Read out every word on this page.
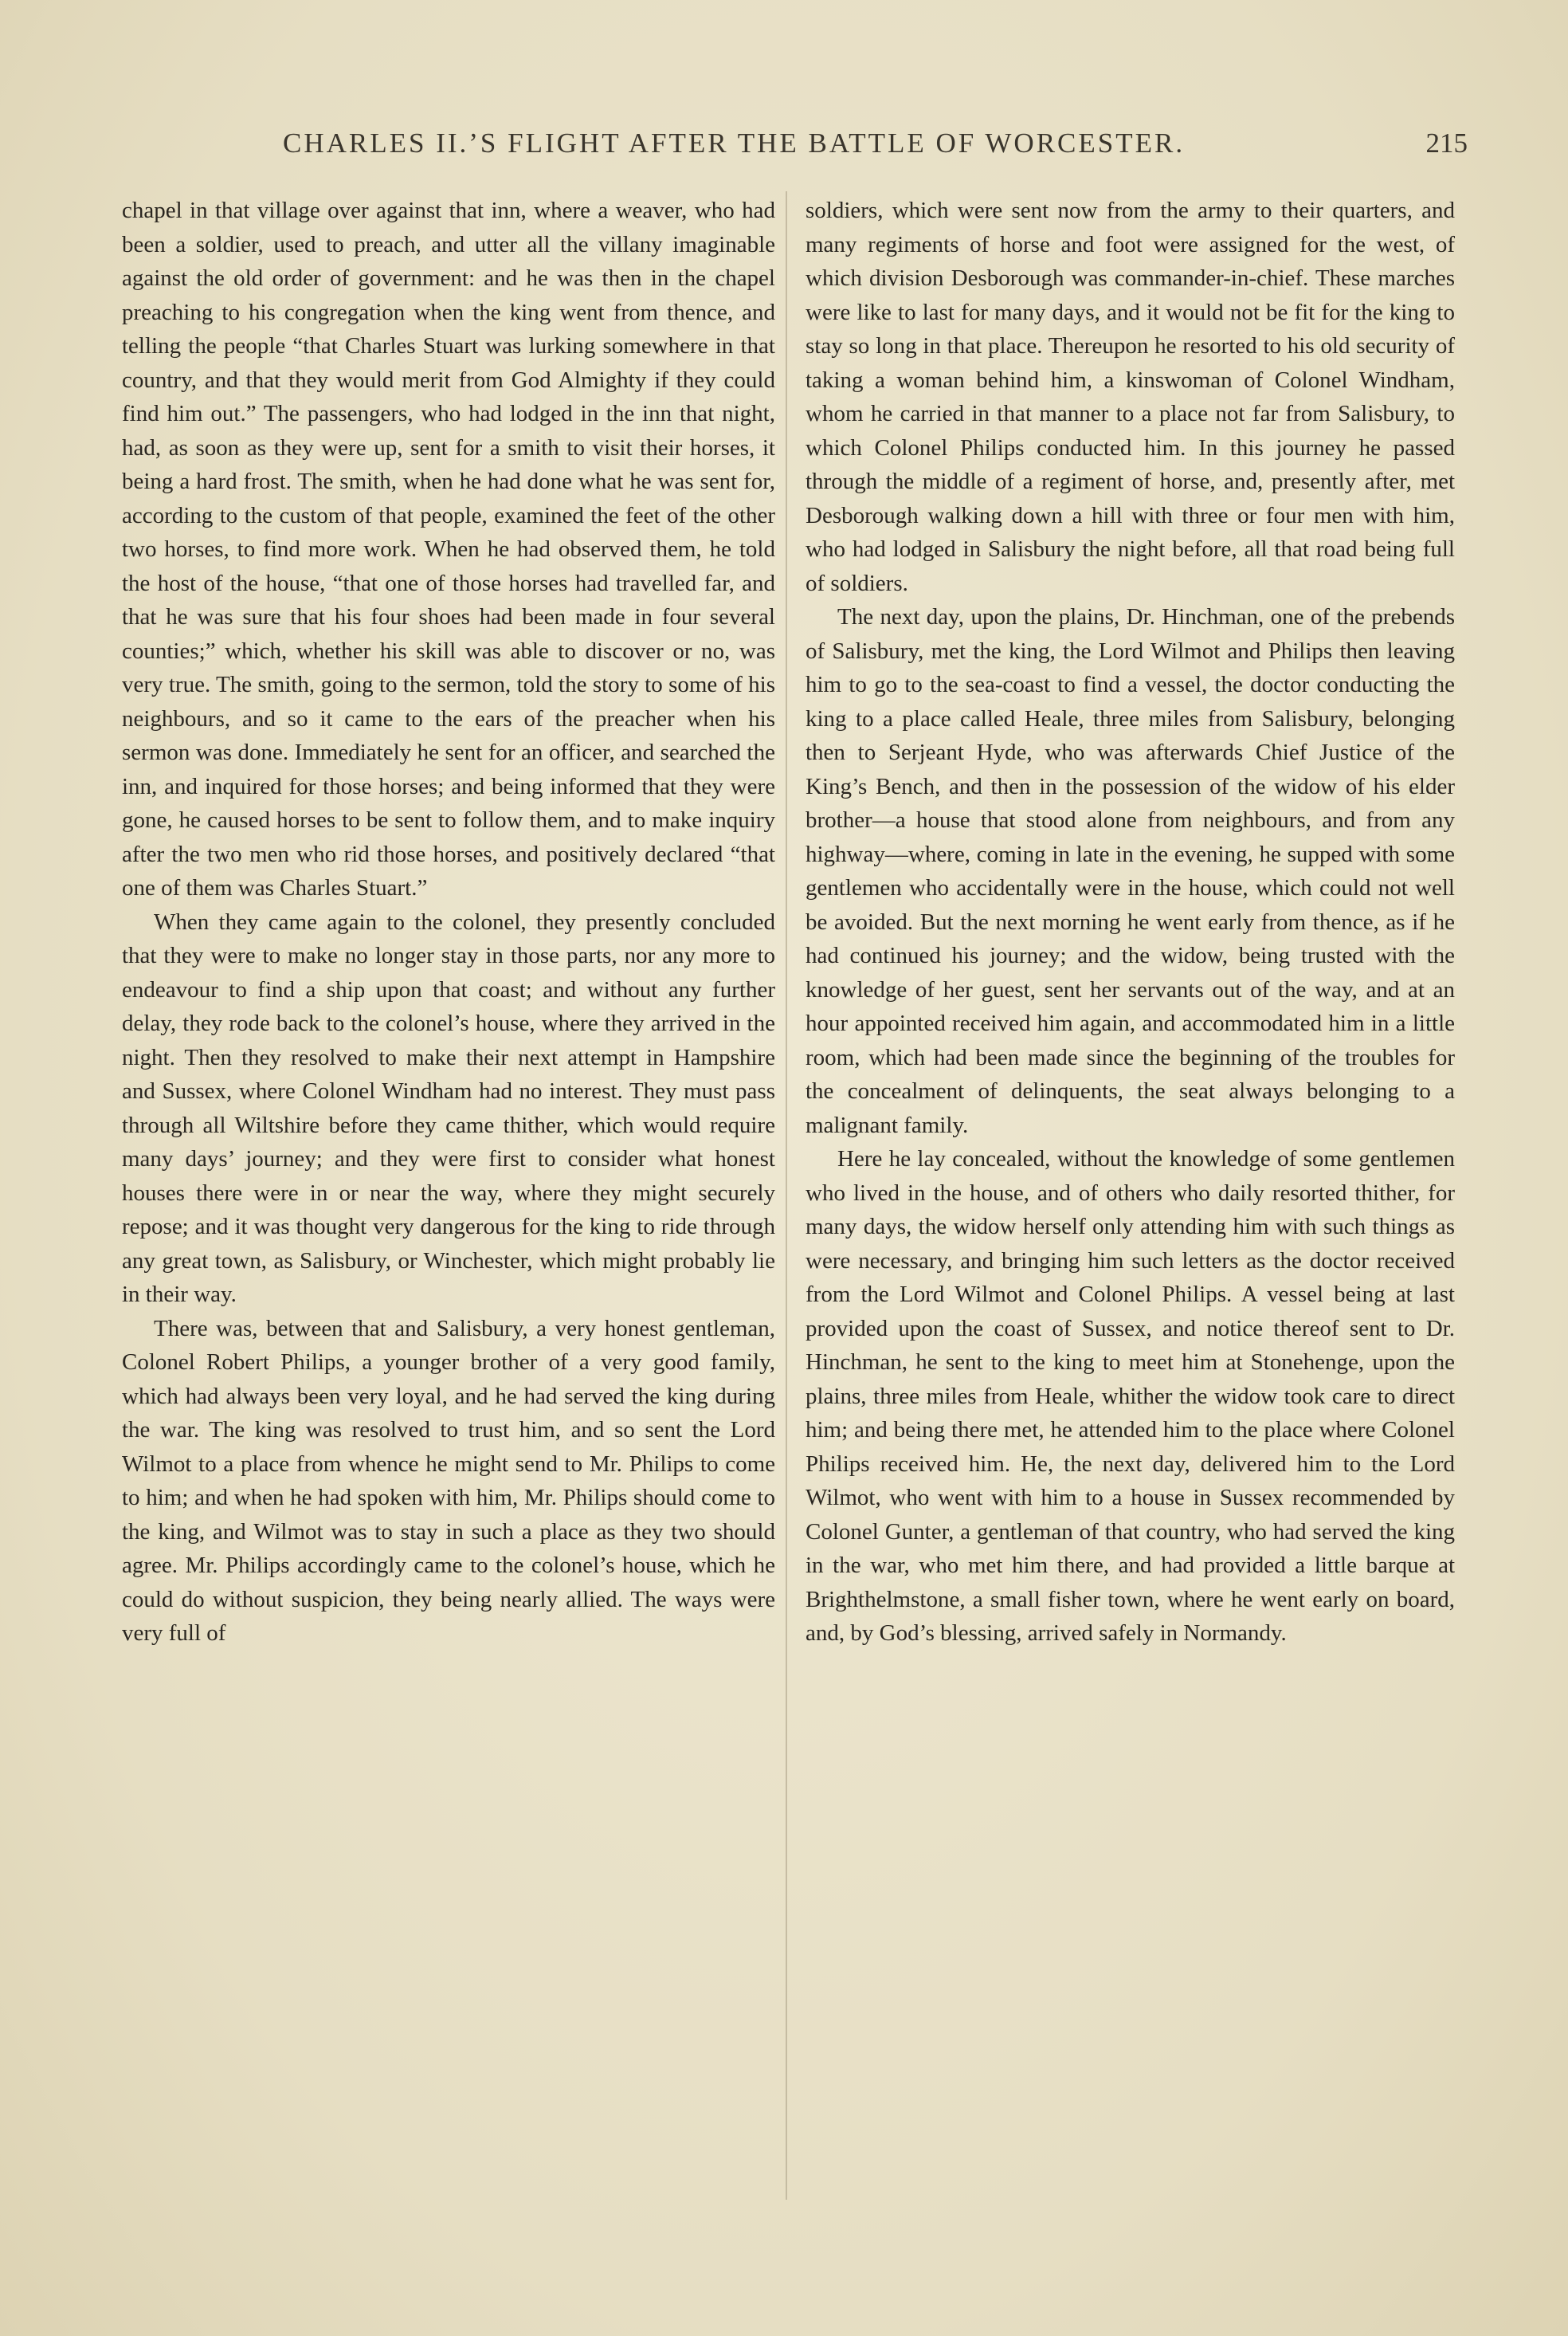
CHARLES II.’S FLIGHT AFTER THE BATTLE OF WORCESTER.	215

chapel in that village over against that inn, where a weaver, who had been a soldier, used to preach, and utter all the villany imaginable against the old order of government: and he was then in the chapel preaching to his congregation when the king went from thence, and telling the people “that Charles Stuart was lurking somewhere in that country, and that they would merit from God Almighty if they could find him out.” The passengers, who had lodged in the inn that night, had, as soon as they were up, sent for a smith to visit their horses, it being a hard frost. The smith, when he had done what he was sent for, according to the custom of that people, examined the feet of the other two horses, to find more work. When he had observed them, he told the host of the house, “that one of those horses had travelled far, and that he was sure that his four shoes had been made in four several counties;” which, whether his skill was able to discover or no, was very true. The smith, going to the sermon, told the story to some of his neighbours, and so it came to the ears of the preacher when his sermon was done. Immediately he sent for an officer, and searched the inn, and inquired for those horses; and being informed that they were gone, he caused horses to be sent to follow them, and to make inquiry after the two men who rid those horses, and positively declared “that one of them was Charles Stuart.”

When they came again to the colonel, they presently concluded that they were to make no longer stay in those parts, nor any more to endeavour to find a ship upon that coast; and without any further delay, they rode back to the colonel’s house, where they arrived in the night. Then they resolved to make their next attempt in Hampshire and Sussex, where Colonel Windham had no interest. They must pass through all Wiltshire before they came thither, which would require many days’ journey; and they were first to consider what honest houses there were in or near the way, where they might securely repose; and it was thought very dangerous for the king to ride through any great town, as Salisbury, or Winchester, which might probably lie in their way.

There was, between that and Salisbury, a very honest gentleman, Colonel Robert Philips, a younger brother of a very good family, which had always been very loyal, and he had served the king during the war. The king was resolved to trust him, and so sent the Lord Wilmot to a place from whence he might send to Mr. Philips to come to him; and when he had spoken with him, Mr. Philips should come to the king, and Wilmot was to stay in such a place as they two should agree. Mr. Philips accordingly came to the colonel’s house, which he could do without suspicion, they being nearly allied. The ways were very full of

soldiers, which were sent now from the army to their quarters, and many regiments of horse and foot were assigned for the west, of which division Desborough was commander-in-chief. These marches were like to last for many days, and it would not be fit for the king to stay so long in that place. Thereupon he resorted to his old security of taking a woman behind him, a kinswoman of Colonel Windham, whom he carried in that manner to a place not far from Salisbury, to which Colonel Philips conducted him. In this journey he passed through the middle of a regiment of horse, and, presently after, met Desborough walking down a hill with three or four men with him, who had lodged in Salisbury the night before, all that road being full of soldiers.

The next day, upon the plains, Dr. Hinchman, one of the prebends of Salisbury, met the king, the Lord Wilmot and Philips then leaving him to go to the sea-coast to find a vessel, the doctor conducting the king to a place called Heale, three miles from Salisbury, belonging then to Serjeant Hyde, who was afterwards Chief Justice of the King’s Bench, and then in the possession of the widow of his elder brother—a house that stood alone from neighbours, and from any highway—where, coming in late in the evening, he supped with some gentlemen who accidentally were in the house, which could not well be avoided. But the next morning he went early from thence, as if he had continued his journey; and the widow, being trusted with the knowledge of her guest, sent her servants out of the way, and at an hour appointed received him again, and accommodated him in a little room, which had been made since the beginning of the troubles for the concealment of delinquents, the seat always belonging to a malignant family.

Here he lay concealed, without the knowledge of some gentlemen who lived in the house, and of others who daily resorted thither, for many days, the widow herself only attending him with such things as were necessary, and bringing him such letters as the doctor received from the Lord Wilmot and Colonel Philips. A vessel being at last provided upon the coast of Sussex, and notice thereof sent to Dr. Hinchman, he sent to the king to meet him at Stonehenge, upon the plains, three miles from Heale, whither the widow took care to direct him; and being there met, he attended him to the place where Colonel Philips received him. He, the next day, delivered him to the Lord Wilmot, who went with him to a house in Sussex recommended by Colonel Gunter, a gentleman of that country, who had served the king in the war, who met him there, and had provided a little barque at Brighthelmstone, a small fisher town, where he went early on board, and, by God’s blessing, arrived safely in Normandy.
